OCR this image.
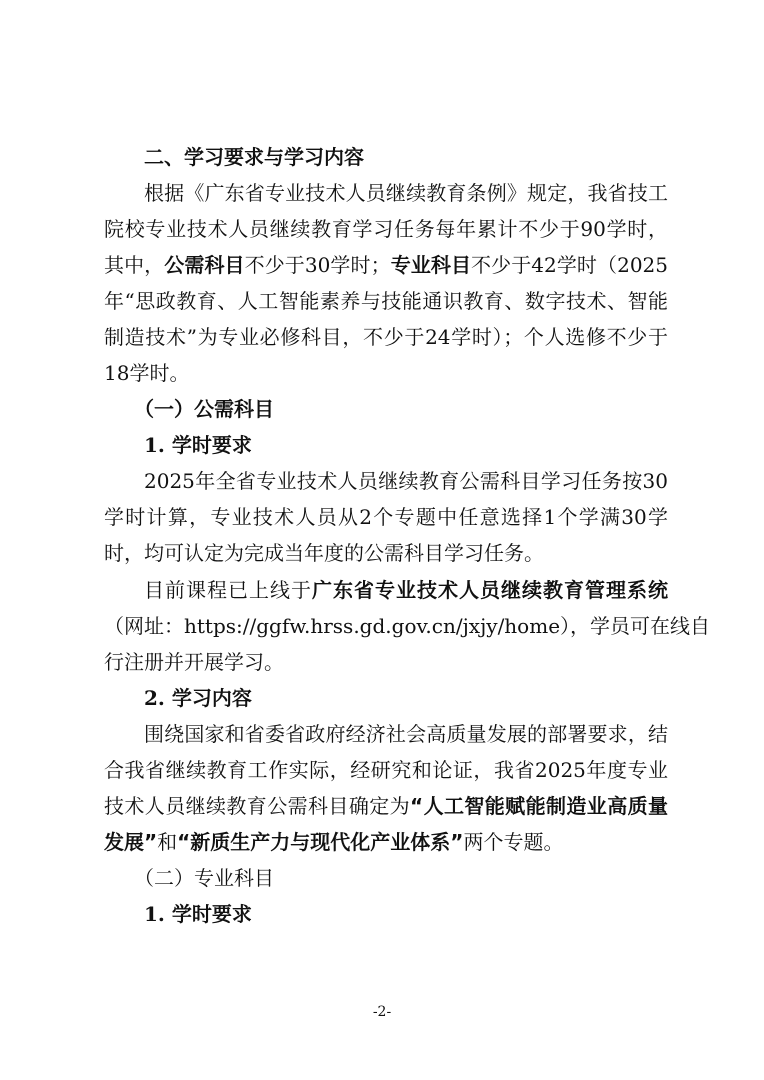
二、学习要求与学习内容
根据《广东省专业技术人员继续教育条例》规定，我省技工
院校专业技术人员继续教育学习任务每年累计不少于90学时，
其中，公需科目不少于30学时；专业科目不少于42学时（2025
年“思政教育、人工智能素养与技能通识教育、数字技术、智能
制造技术”为专业必修科目，不少于24学时）；个人选修不少于
18学时。
（一）公需科目
1. 学时要求
2025年全省专业技术人员继续教育公需科目学习任务按30
学时计算，专业技术人员从2个专题中任意选择1个学满30学
时，均可认定为完成当年度的公需科目学习任务。
目前课程已上线于广东省专业技术人员继续教育管理系统
（网址：https://ggfw.hrss.gd.gov.cn/jxjy/home），学员可在线自
行注册并开展学习。
2. 学习内容
围绕国家和省委省政府经济社会高质量发展的部署要求，结
合我省继续教育工作实际，经研究和论证，我省2025年度专业
技术人员继续教育公需科目确定为“人工智能赋能制造业高质量
发展”和“新质生产力与现代化产业体系”两个专题。
（二）专业科目
1. 学时要求
-2-
